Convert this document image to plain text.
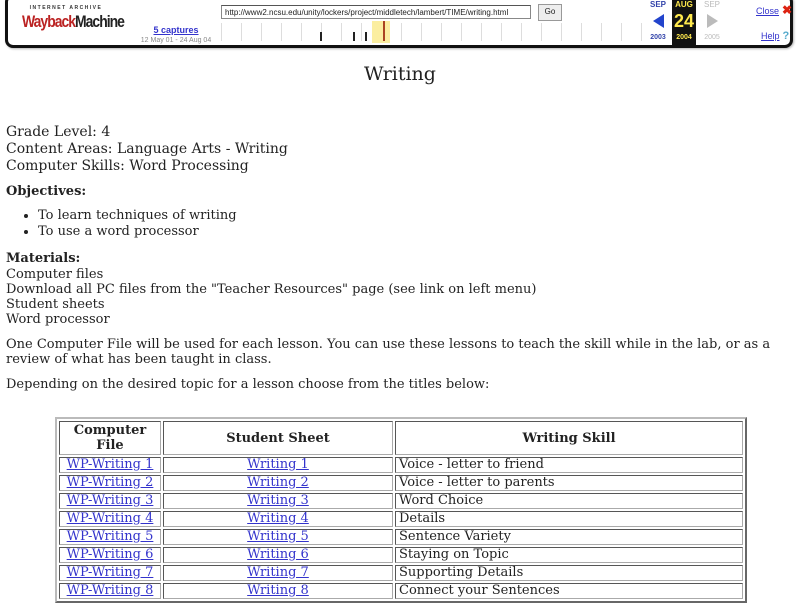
INTERNET ARCHIVE
WaybackMachine	5 captures
12 May 01 - 24 Aug 04
http://www2.ncsu.edu/unity/lockers/project/middletech/lambert/TIME/writing.html	Go
SEP
2003
AUG
24
2004
SEP
2005
Close ✖
Help ?
Writing
Grade Level: 4
Content Areas: Language Arts - Writing
Computer Skills: Word Processing
Objectives:
• To learn techniques of writing
• To use a word processor
Materials:
Computer files
Download all PC files from the "Teacher Resources" page (see link on left menu)
Student sheets
Word processor

One Computer File will be used for each lesson. You can use these lessons to teach the skill while in the lab, or as a review of what has been taught in class.

Depending on the desired topic for a lesson choose from the titles below:

Computer File	Student Sheet	Writing Skill
WP-Writing 1	Writing 1	Voice - letter to friend
WP-Writing 2	Writing 2	Voice - letter to parents
WP-Writing 3	Writing 3	Word Choice
WP-Writing 4	Writing 4	Details
WP-Writing 5	Writing 5	Sentence Variety
WP-Writing 6	Writing 6	Staying on Topic
WP-Writing 7	Writing 7	Supporting Details
WP-Writing 8	Writing 8	Connect your Sentences
